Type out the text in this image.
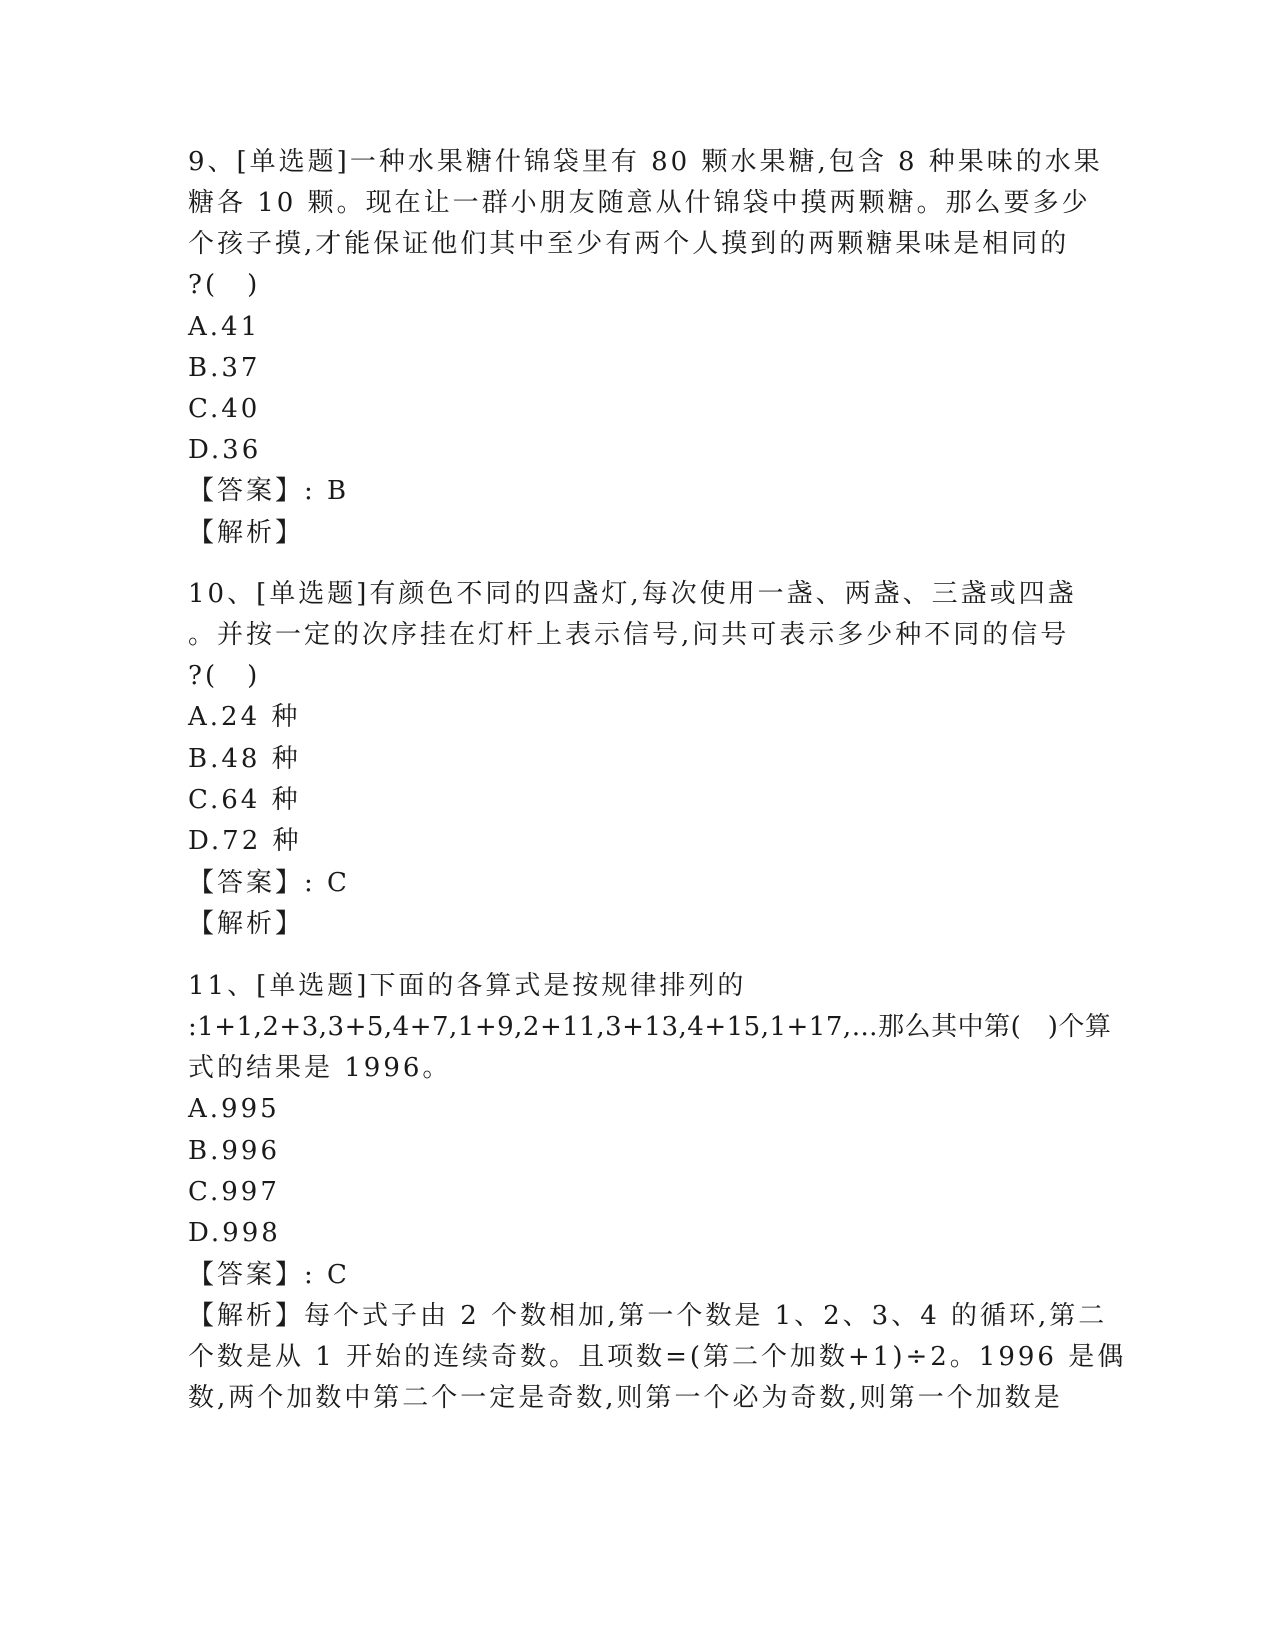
9、[单选题]一种水果糖什锦袋里有 80 颗水果糖,包含 8 种果味的水果
糖各 10 颗。现在让一群小朋友随意从什锦袋中摸两颗糖。那么要多少
个孩子摸,才能保证他们其中至少有两个人摸到的两颗糖果味是相同的
?(　)
A.41
B.37
C.40
D.36
【答案】: B
【解析】
10、[单选题]有颜色不同的四盏灯,每次使用一盏、两盏、三盏或四盏
。并按一定的次序挂在灯杆上表示信号,问共可表示多少种不同的信号
?(　)
A.24 种
B.48 种
C.64 种
D.72 种
【答案】: C
【解析】
11、[单选题]下面的各算式是按规律排列的
:1+1,2+3,3+5,4+7,1+9,2+11,3+13,4+15,1+17,…那么其中第(　)个算
式的结果是 1996。
A.995
B.996
C.997
D.998
【答案】: C
【解析】每个式子由 2 个数相加,第一个数是 1、2、3、4 的循环,第二
个数是从 1 开始的连续奇数。且项数=(第二个加数+1)÷2。1996 是偶
数,两个加数中第二个一定是奇数,则第一个必为奇数,则第一个加数是
